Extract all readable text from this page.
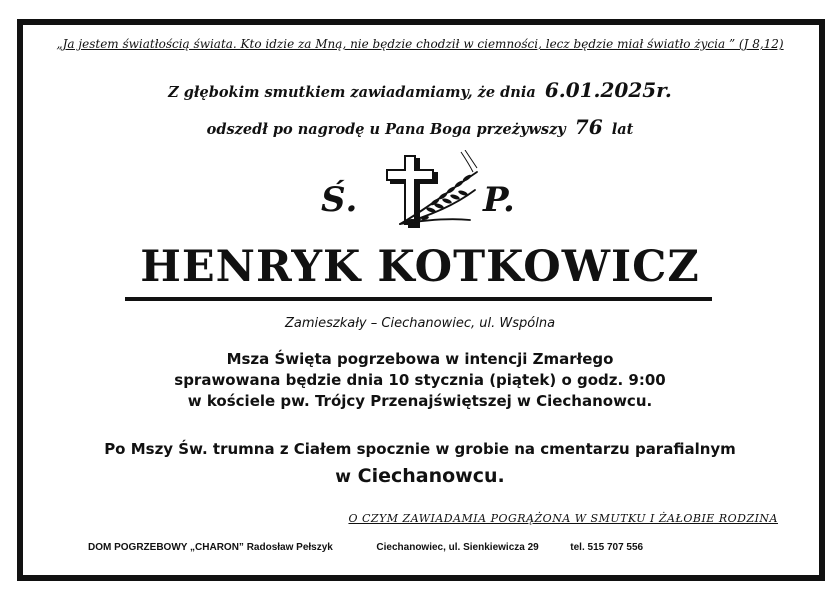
„Ja jestem światłością świata. Kto idzie za Mną, nie będzie chodził w ciemności, lecz będzie miał światło życia ” (J 8,12)
Z głębokim smutkiem zawiadamiamy, że dnia 6.01.2025r.
odszedł po nagrodę u Pana Boga przeżywszy 76 lat
Ś.	P.
HENRYK KOTKOWICZ
Zamieszkały – Ciechanowiec, ul. Wspólna
Msza Święta pogrzebowa w intencji Zmarłego
sprawowana będzie dnia 10 stycznia (piątek) o godz. 9:00
w kościele pw. Trójcy Przenajświętszej w Ciechanowcu.
Po Mszy Św. trumna z Ciałem spocznie w grobie na cmentarzu parafialnym
w Ciechanowcu.
O CZYM ZAWIADAMIA POGRĄŻONA W SMUTKU I ŻAŁOBIE RODZINA
DOM POGRZEBOWY „CHARON” Radosław Pełszyk	Ciechanowiec, ul. Sienkiewicza 29	tel. 515 707 556
